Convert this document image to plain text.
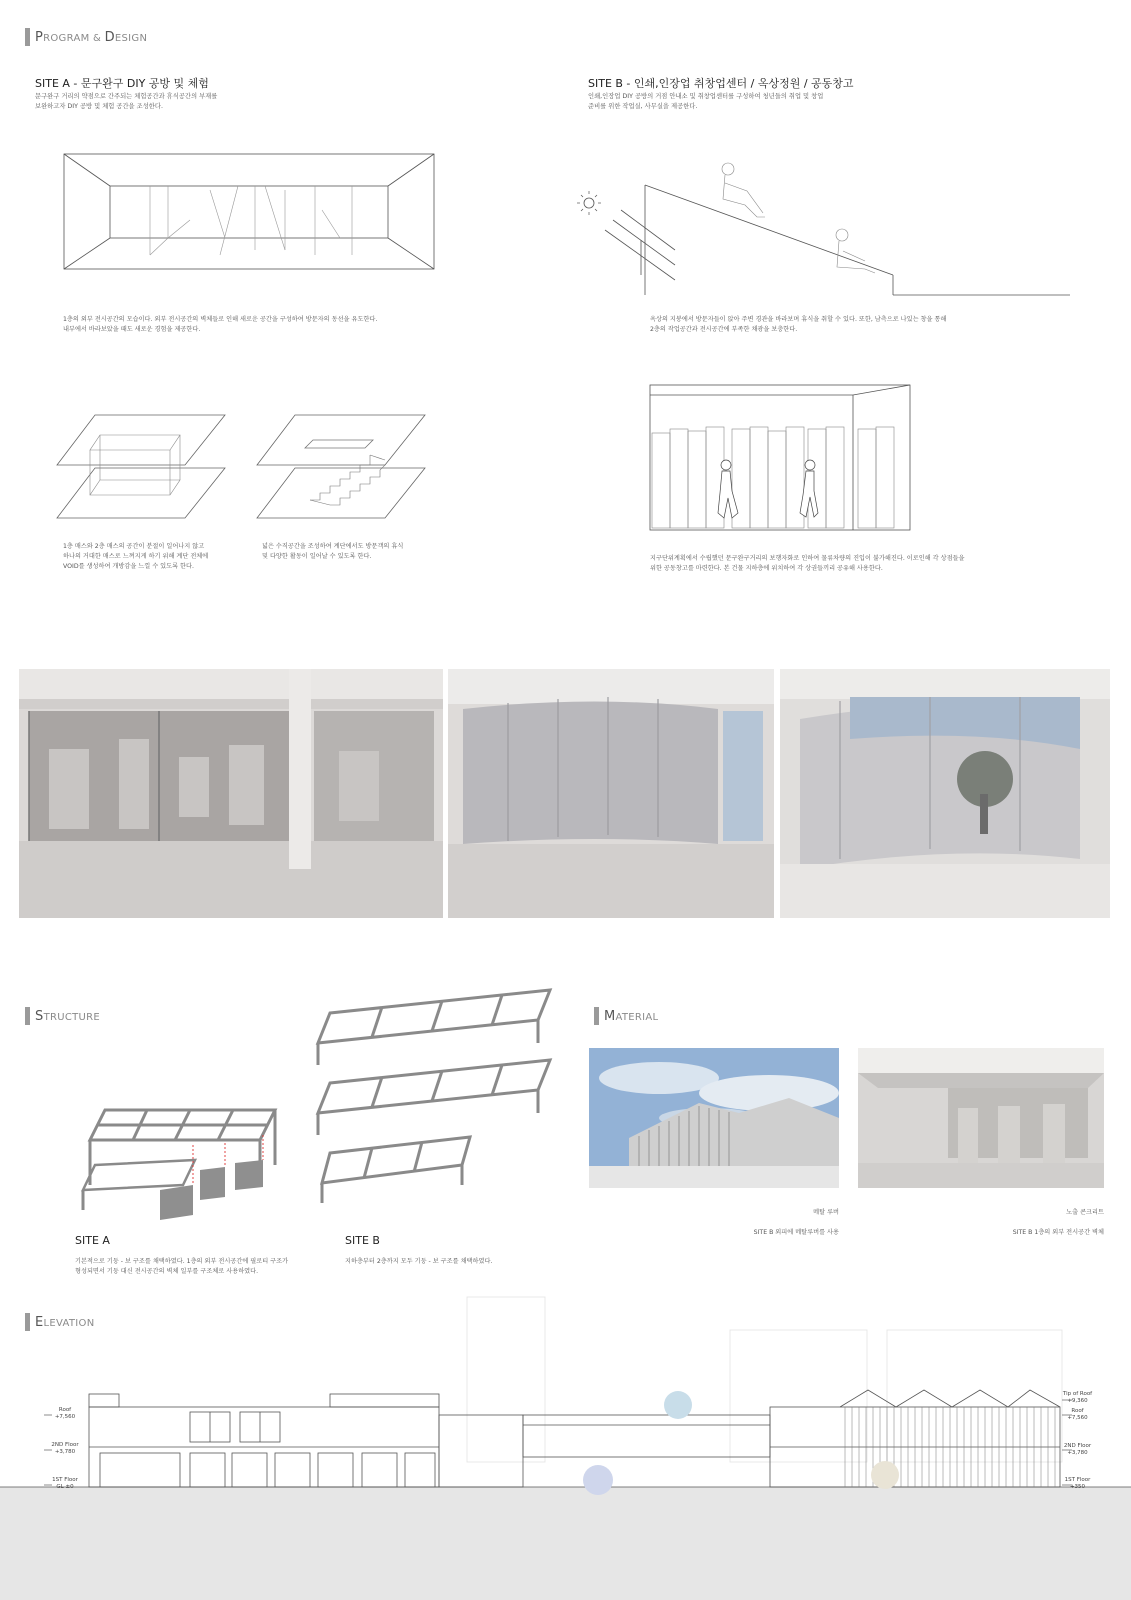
PROGRAM & DESIGN
SITE A - 문구완구 DIY 공방 및 체험
문구완구 거리의 약점으로 간주되는 체험공간과 휴식공간의 부재를
보완하고자 DIY 공방 및 체험 공간을 조성한다.
1층의 외부 전시공간의 모습이다. 외부 전시공간의 벽체들로 인해 새로운 공간을 구성하여 방문자의 동선을 유도한다.
내부에서 바라보았을 때도 새로운 경험을 제공한다.
1층 매스와 2층 매스의 공간이 분절이 일어나지 않고
하나의 거대한 매스로 느껴지게 하기 위해 계단 전체에
VOID를 생성하여 개방감을 느낄 수 있도록 한다.
넓은 수직공간을 조성하여 계단에서도 방문객의 휴식
및 다양한 활동이 일어날 수 있도록 한다.
SITE B - 인쇄,인장업 취창업센터 / 옥상정원 / 공동창고
인쇄,인장업 DIY 공방의 거점 안내소 및 취창업센터를 구성하여 청년들의 취업 및 창업
준비를 위한 작업실, 사무실을 제공한다.
옥상의 지붕에서 방문자들이 앉아 주변 경관을 바라보며 휴식을 취할 수 있다. 또한, 남측으로 나있는 창을 통해
2층의 작업공간과 전시공간에 부족한 채광을 보충한다.
지구단위계획에서 수립했던 문구완구거리의 보행자화로 인하여 물류차량의 진입이 불가해진다. 이로인해 각 상점들을
위한 공동창고를 마련한다. 본 건물 지하층에 위치하여 각 상권들끼리 공유해 사용한다.
STRUCTURE
SITE A
기본적으로 기둥 - 보 구조를 채택하였다. 1층의 외부 전시공간에 필로티 구조가
형성되면서 기둥 대신 전시공간의 벽체 일부를 구조체로 사용하였다.
SITE B
지하층부터 2층까지 모두 기둥 - 보 구조를 채택하였다.
MATERIAL

메탈 루버

SITE B 외피에 메탈루버를 사용

노출 콘크리트

SITE B 1층의 외부 전시공간 벽체

ELEVATION
Roof
+7,560
2ND Floor
+3,780
1ST Floor
GL ±0
Tip of Roof
+9,360
Roof
+7,560
2ND Floor
+3,780
1ST Floor
+350
